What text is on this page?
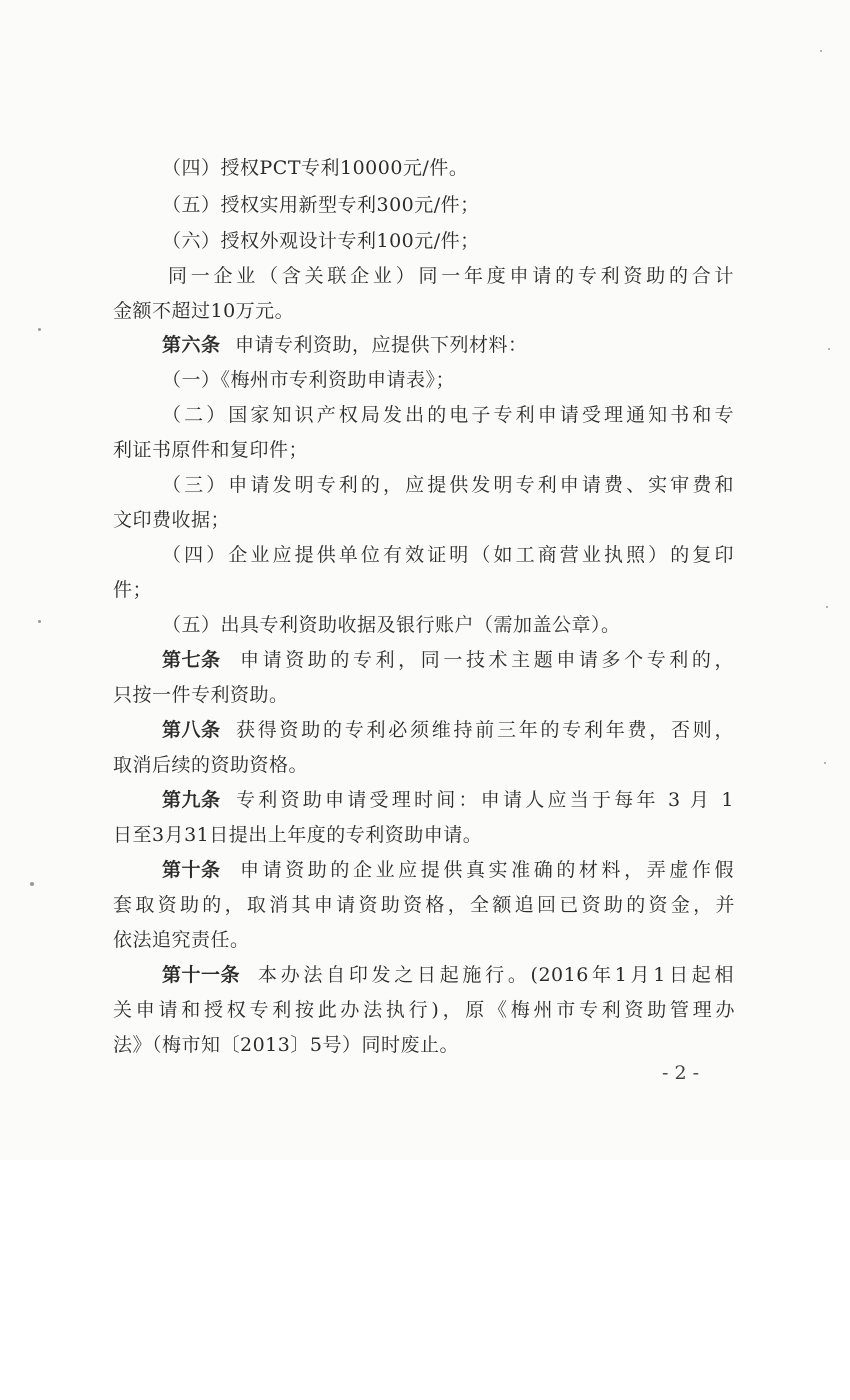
（四）授权PCT专利10000元/件。
（五）授权实用新型专利300元/件；
（六）授权外观设计专利100元/件；
同一企业（含关联企业）同一年度申请的专利资助的合计
金额不超过10万元。
第六条 申请专利资助，应提供下列材料：
（一）《梅州市专利资助申请表》；
（二）国家知识产权局发出的电子专利申请受理通知书和专
利证书原件和复印件；
（三）申请发明专利的，应提供发明专利申请费、实审费和
文印费收据；
（四）企业应提供单位有效证明（如工商营业执照）的复印
件；
（五）出具专利资助收据及银行账户（需加盖公章）。
第七条 申请资助的专利，同一技术主题申请多个专利的，
只按一件专利资助。
第八条 获得资助的专利必须维持前三年的专利年费，否则，
取消后续的资助资格。
第九条 专利资助申请受理时间：申请人应当于每年 3 月 1
日至3月31日提出上年度的专利资助申请。
第十条 申请资助的企业应提供真实准确的材料，弄虚作假
套取资助的，取消其申请资助资格，全额追回已资助的资金，并
依法追究责任。
第十一条 本办法自印发之日起施行。(2016年1月1日起相
关申请和授权专利按此办法执行)，原《梅州市专利资助管理办
法》（梅市知〔2013〕5号）同时废止。
- 2 -
